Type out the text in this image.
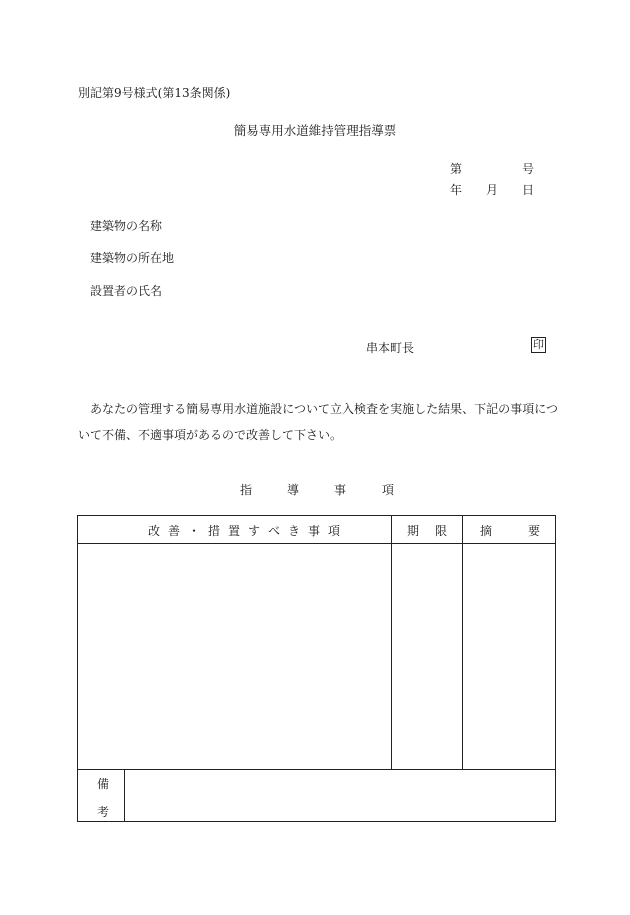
別記第9号様式(第13条関係)
簡易専用水道維持管理指導票
第	号
年 月 日
建築物の名称
建築物の所在地
設置者の氏名
串本町長	印
あなたの管理する簡易専用水道施設について立入検査を実施した結果、下記の事項について不備、不適事項があるので改善して下さい。
指	導	事	項
改 善 ・ 措 置 す べ き 事 項	期 限	摘	要
備
考
